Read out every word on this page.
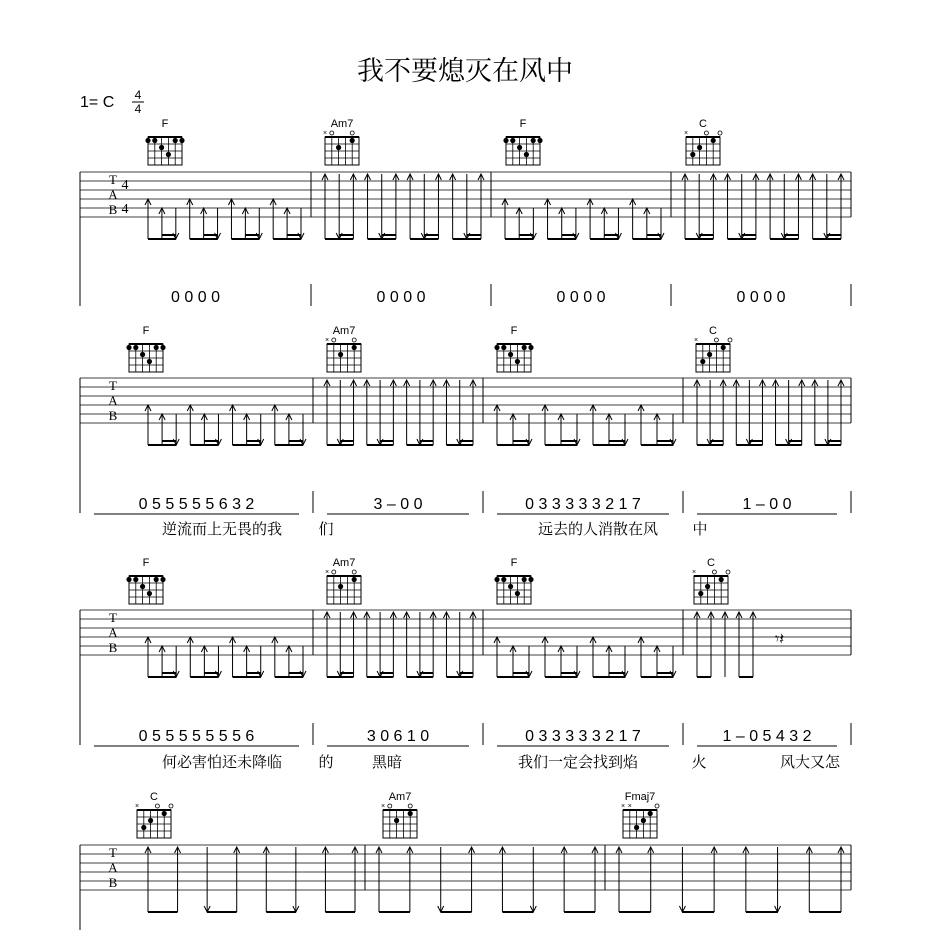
我不要熄灭在风中
1= C 4
4
T
A
B
4
4
0 0 0 0	0 0 0 0	0 0 0 0	0 0 0 0
F	Am7
×
F	C
×
T
A
B
0 5 5 5 5 5 6 3 2	3 – 0 0	0 3 3 3 3 3 2 1 7	1 – 0 0
逆流而上无畏的我 们	远去的人消散在风 中
F	Am7
×
F	C
×
T
A
B	𝄾𝄽
0 5 5 5 5 5 5 5 6	3 0 6 1 0	0 3 3 3 3 3 2 1 7	1 – 0 5 4 3 2
何必害怕还未降临 的	黑暗	我们一定会找到焰	火	风大又怎
F	Am7
×
F	C
×
T
A
B
C
×
Am7
×
Fmaj7
× ×
